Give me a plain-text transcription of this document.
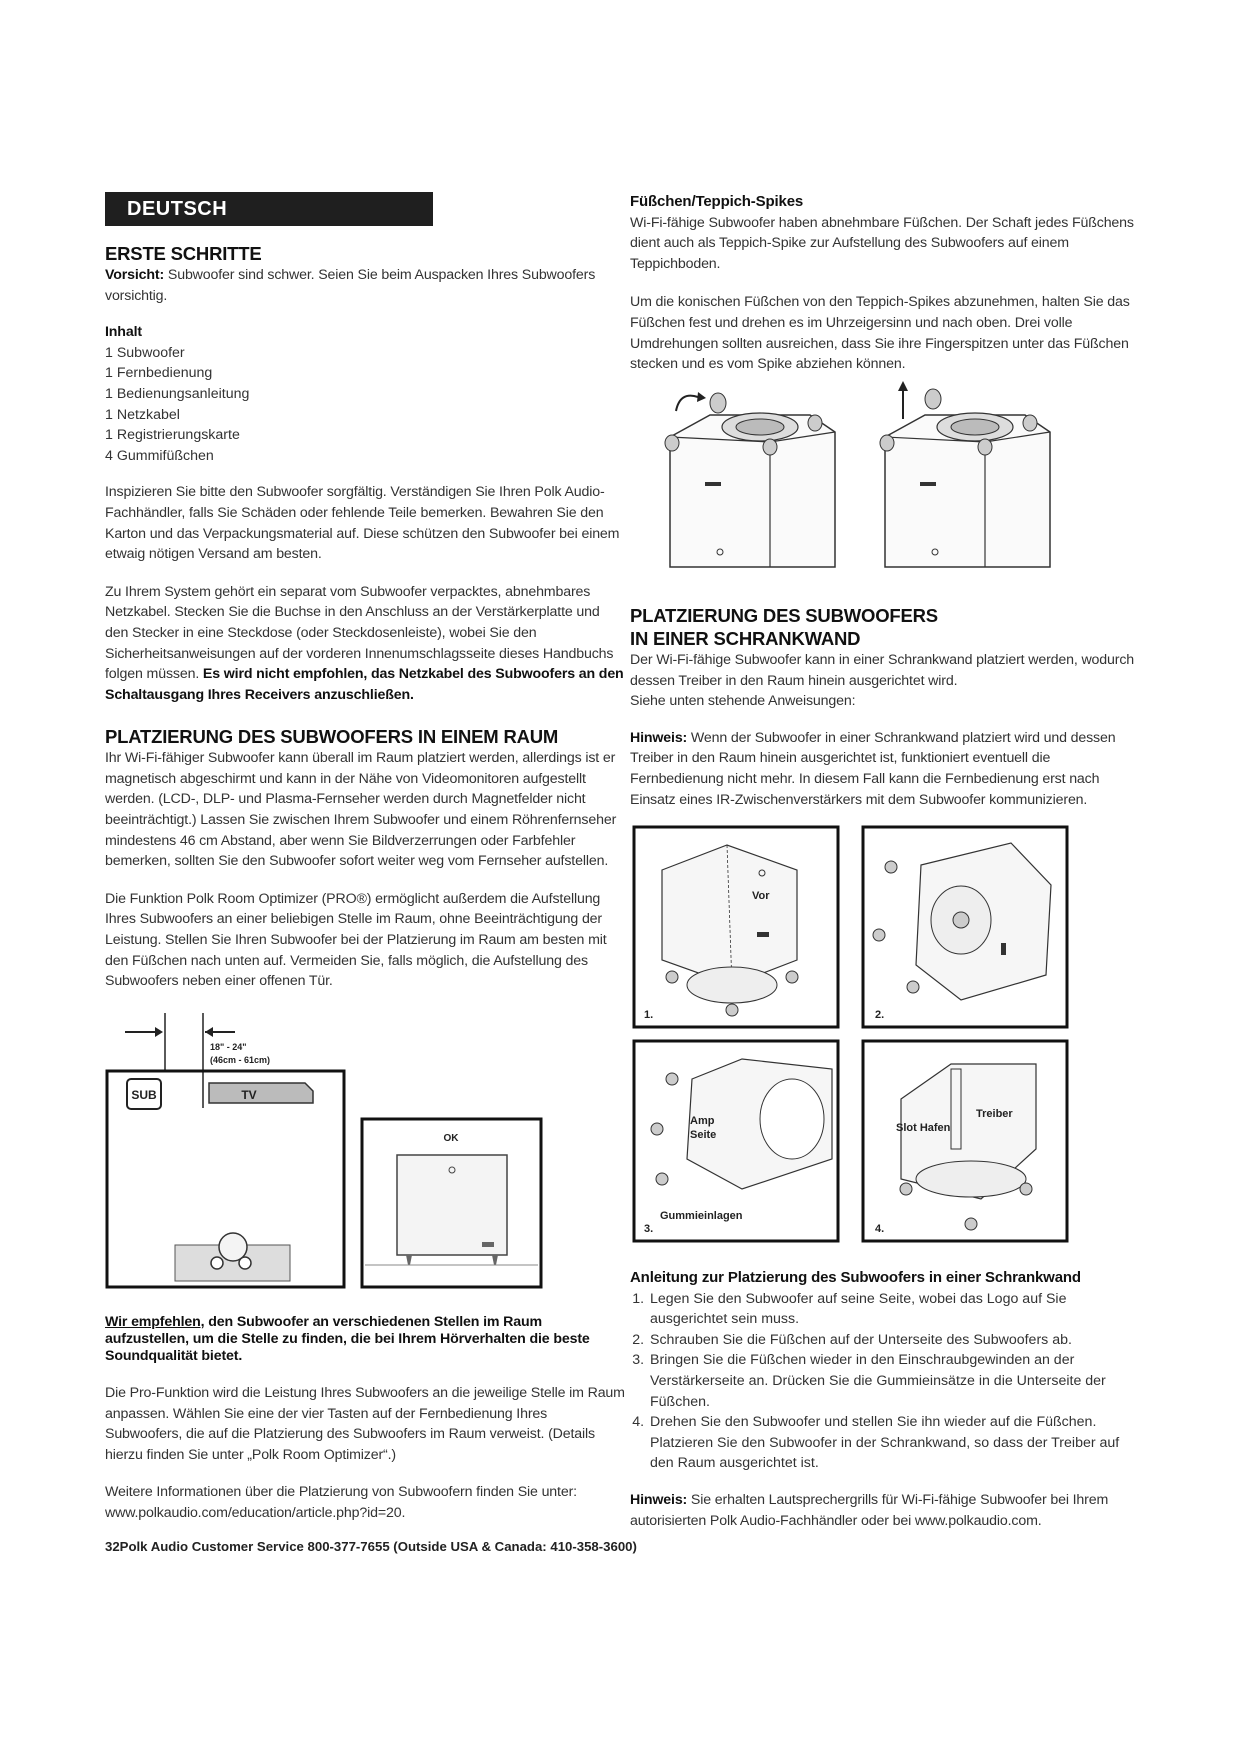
DEUTSCH
ERSTE SCHRITTE

Vorsicht: Subwoofer sind schwer. Seien Sie beim Auspacken Ihres Subwoofers vorsichtig.

Inhalt

1 Subwoofer
1 Fernbedienung
1 Bedienungsanleitung
1 Netzkabel
1 Registrierungskarte
4 Gummifüßchen

Inspizieren Sie bitte den Subwoofer sorgfältig. Verständigen Sie Ihren Polk Audio-Fachhändler, falls Sie Schäden oder fehlende Teile bemerken. Bewahren Sie den Karton und das Verpackungsmaterial auf. Diese schützen den Subwoofer bei einem etwaig nötigen Versand am besten.

Zu Ihrem System gehört ein separat vom Subwoofer verpacktes, abnehmbares Netzkabel. Stecken Sie die Buchse in den Anschluss an der Verstärkerplatte und den Stecker in eine Steckdose (oder Steckdosenleiste), wobei Sie den Sicherheitsanweisungen auf der vorderen Innenumschlagsseite dieses Handbuchs folgen müssen. Es wird nicht empfohlen, das Netzkabel des Subwoofers an den Schaltausgang Ihres Receivers anzuschließen.

PLATZIERUNG DES SUBWOOFERS IN EINEM RAUM

Ihr Wi-Fi-fähiger Subwoofer kann überall im Raum platziert werden, allerdings ist er magnetisch abgeschirmt und kann in der Nähe von Videomonitoren aufgestellt werden. (LCD-, DLP- und Plasma-Fernseher werden durch Magnetfelder nicht beeinträchtigt.) Lassen Sie zwischen Ihrem Subwoofer und einem Röhrenfernseher mindestens 46 cm Abstand, aber wenn Sie Bildverzerrungen oder Farbfehler bemerken, sollten Sie den Subwoofer sofort weiter weg vom Fernseher aufstellen.

Die Funktion Polk Room Optimizer (PRO®) ermöglicht außerdem die Aufstellung Ihres Subwoofers an einer beliebigen Stelle im Raum, ohne Beeinträchtigung der Leistung. Stellen Sie Ihren Subwoofer bei der Platzierung im Raum am besten mit den Füßchen nach unten auf. Vermeiden Sie, falls möglich, die Aufstellung des Subwoofers neben einer offenen Tür.

18" - 24"
(46cm - 61cm)
SUB	TV
OK

Wir empfehlen, den Subwoofer an verschiedenen Stellen im Raum aufzustellen, um die Stelle zu finden, die bei Ihrem Hörverhalten die beste Soundqualität bietet.

Die Pro-Funktion wird die Leistung Ihres Subwoofers an die jeweilige Stelle im Raum anpassen. Wählen Sie eine der vier Tasten auf der Fernbedienung Ihres Subwoofers, die auf die Platzierung des Subwoofers im Raum verweist. (Details hierzu finden Sie unter „Polk Room Optimizer“.)

Weitere Informationen über die Platzierung von Subwoofern finden Sie unter: www.polkaudio.com/education/article.php?id=20.

Füßchen/Teppich-Spikes

Wi-Fi-fähige Subwoofer haben abnehmbare Füßchen. Der Schaft jedes Füßchens dient auch als Teppich-Spike zur Aufstellung des Subwoofers auf einem Teppichboden.

Um die konischen Füßchen von den Teppich-Spikes abzunehmen, halten Sie das Füßchen fest und drehen es im Uhrzeigersinn und nach oben. Drei volle Umdrehungen sollten ausreichen, dass Sie ihre Fingerspitzen unter das Füßchen stecken und es vom Spike abziehen können.

PLATZIERUNG DES SUBWOOFERS
IN EINER SCHRANKWAND

Der Wi-Fi-fähige Subwoofer kann in einer Schrankwand platziert werden, wodurch dessen Treiber in den Raum hinein ausgerichtet wird.

Siehe unten stehende Anweisungen:

Hinweis: Wenn der Subwoofer in einer Schrankwand platziert wird und dessen Treiber in den Raum hinein ausgerichtet ist, funktioniert eventuell die Fernbedienung nicht mehr. In diesem Fall kann die Fernbedienung erst nach Einsatz eines IR-Zwischenverstärkers mit dem Subwoofer kommunizieren.

Vor
1.	2.
Amp
Seite
Gummieinlagen
3.
Treiber
Slot Hafen
4.

Anleitung zur Platzierung des Subwoofers in einer Schrankwand

1. Legen Sie den Subwoofer auf seine Seite, wobei das Logo auf Sie ausgerichtet sein muss.
2. Schrauben Sie die Füßchen auf der Unterseite des Subwoofers ab.
3. Bringen Sie die Füßchen wieder in den Einschraubgewinden an der Verstärkerseite an. Drücken Sie die Gummieinsätze in die Unterseite der Füßchen.
4. Drehen Sie den Subwoofer und stellen Sie ihn wieder auf die Füßchen. Platzieren Sie den Subwoofer in der Schrankwand, so dass der Treiber auf den Raum ausgerichtet ist.

Hinweis: Sie erhalten Lautsprechergrills für Wi-Fi-fähige Subwoofer bei Ihrem autorisierten Polk Audio-Fachhändler oder bei www.polkaudio.com.

32Polk Audio Customer Service 800-377-7655 (Outside USA & Canada: 410-358-3600)
